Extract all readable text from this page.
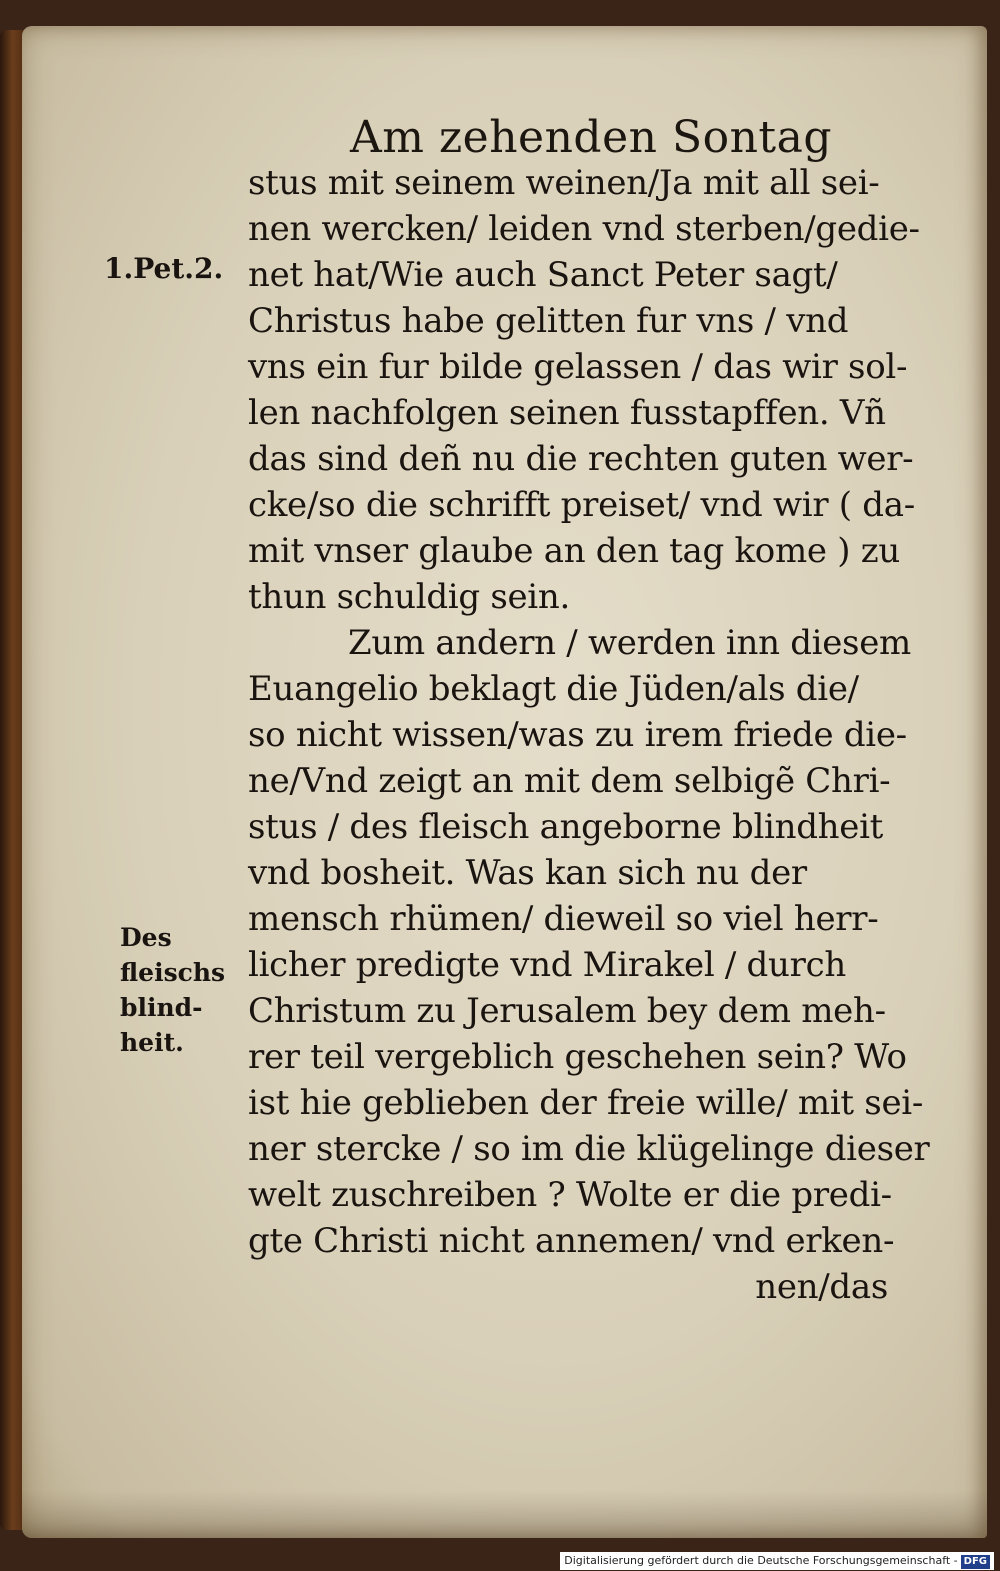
Am zehenden Sontag
1.Pet.2.
Des
fleischs
blind-
heit.
stus mit seinem weinen/Ja mit all sei-
nen wercken/ leiden vnd sterben/gedie-
net hat/Wie auch Sanct Peter sagt/
Christus habe gelitten fur vns / vnd
vns ein fur bilde gelassen / das wir sol-
len nachfolgen seinen fusstapffen. Vñ
das sind deñ nu die rechten guten wer-
cke/so die schrifft preiset/ vnd wir ( da-
mit vnser glaube an den tag kome ) zu
thun schuldig sein.
Zum andern / werden inn diesem
Euangelio beklagt die Jüden/als die/
so nicht wissen/was zu irem friede die-
ne/Vnd zeigt an mit dem selbigẽ Chri-
stus / des fleisch angeborne blindheit
vnd bosheit. Was kan sich nu der
mensch rhümen/ dieweil so viel herr-
licher predigte vnd Mirakel / durch
Christum zu Jerusalem bey dem meh-
rer teil vergeblich geschehen sein? Wo
ist hie geblieben der freie wille/ mit sei-
ner stercke / so im die klügelinge dieser
welt zuschreiben ? Wolte er die predi-
gte Christi nicht annemen/ vnd erken-
nen/das
Digitalisierung gefördert durch die Deutsche Forschungsgemeinschaft - DFG
